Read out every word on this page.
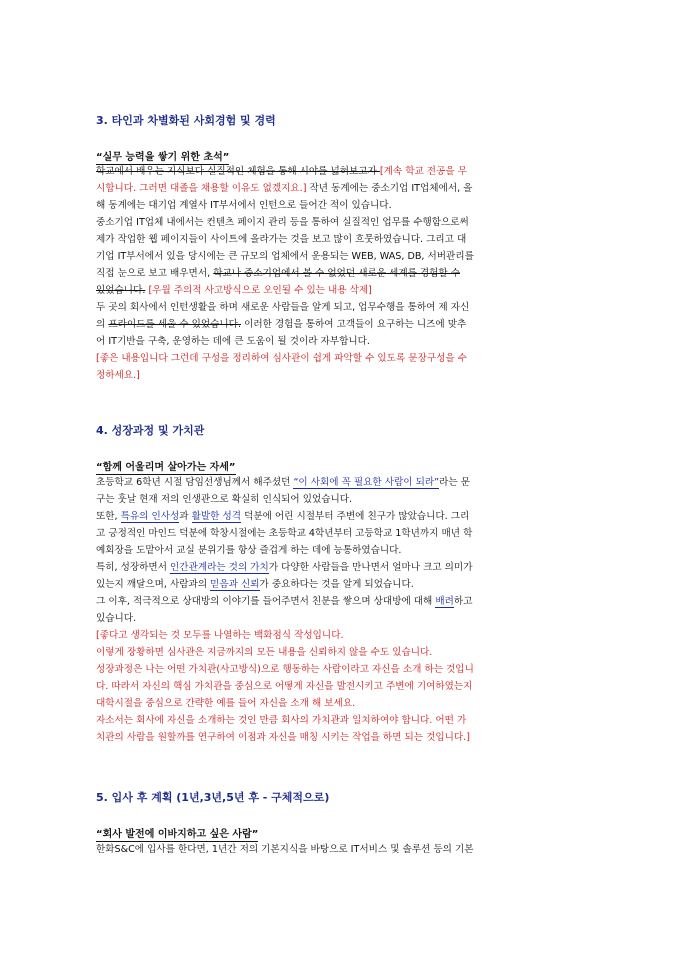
3. 타인과 차별화된 사회경험 및 경력
“실무 능력을 쌓기 위한 초석”
학교에서 배우는 지식보다 실질적인 체험을 통해 시야를 넓혀보고자 [계속 학교 전공을 무
시합니다. 그러면 대졸을 채용할 이유도 없겠지요.] 작년 동계에는 중소기업 IT업체에서, 올
해 동계에는 대기업 계열사 IT부서에서 인턴으로 들어간 적이 있습니다.
중소기업 IT업체 내에서는 컨텐츠 페이지 관리 등을 통하여 실질적인 업무를 수행함으로써
제가 작업한 웹 페이지들이 사이트에 올라가는 것을 보고 많이 흐뭇하였습니다. 그리고 대
기업 IT부서에서 있을 당시에는 큰 규모의 업체에서 운용되는 WEB, WAS, DB, 서버관리를
직접 눈으로 보고 배우면서, 학교나 중소기업에서 볼 수 없었던 새로운 세계를 경험할 수
있었습니다. [우월 주의적 사고방식으로 오인될 수 있는 내용 삭제]
두 곳의 회사에서 인턴생활을 하며 새로운 사람들을 알게 되고, 업무수행을 통하여 제 자신
의 프라이드를 세울 수 있었습니다. 이러한 경험을 통하여 고객들이 요구하는 니즈에 맞추
어 IT기반을 구축, 운영하는 데에 큰 도움이 될 것이라 자부합니다.
[좋은 내용입니다 그런데 구성을 정리하여 심사관이 쉽게 파악할 수 있도록 문장구성을 수
정하세요.]
4. 성장과정 및 가치관
“함께 어울리며 살아가는 자세”
초등학교 6학년 시절 담임선생님께서 해주셨던 “이 사회에 꼭 필요한 사람이 되라”라는 문
구는 훗날 현재 저의 인생관으로 확실히 인식되어 있었습니다.
또한, 특유의 인사성과 활발한 성격 덕분에 어린 시절부터 주변에 친구가 많았습니다. 그리
고 긍정적인 마인드 덕분에 학창시절에는 초등학교 4학년부터 고등학교 1학년까지 매년 학
예회장을 도맡아서 교실 분위기를 항상 즐겁게 하는 데에 능통하였습니다.
특히, 성장하면서 인간관계라는 것의 가치가 다양한 사람들을 만나면서 얼마나 크고 의미가
있는지 깨달으며, 사람과의 믿음과 신뢰가 중요하다는 것을 알게 되었습니다.
그 이후, 적극적으로 상대방의 이야기를 들어주면서 친분을 쌓으며 상대방에 대해 배려하고
있습니다.
[좋다고 생각되는 것 모두를 나열하는 백화점식 작성입니다.
이렇게 장황하면 심사관은 지금까지의 모든 내용을 신뢰하지 않을 수도 있습니다.
성장과정은 나는 어떤 가치관(사고방식)으로 행동하는 사람이라고 자신을 소개 하는 것입니
다. 따라서 자신의 핵심 가치관을 중심으로 어떻게 자신을 발전시키고 주변에 기여하였는지
대학시절을 중심으로 간략한 예를 들어 자신을 소개 해 보세요.
자소서는 회사에 자신을 소개하는 것인 만큼 회사의 가치관과 일치하여야 합니다. 어떤 가
치관의 사람을 원할까를 연구하여 이점과 자신을 매칭 시키는 작업을 하면 되는 것입니다.]
5. 입사 후 계획 (1년,3년,5년 후 - 구체적으로)
“회사 발전에 이바지하고 싶은 사람”
한화S&C에 입사를 한다면, 1년간 저의 기본지식을 바탕으로 IT서비스 및 솔루션 등의 기본
